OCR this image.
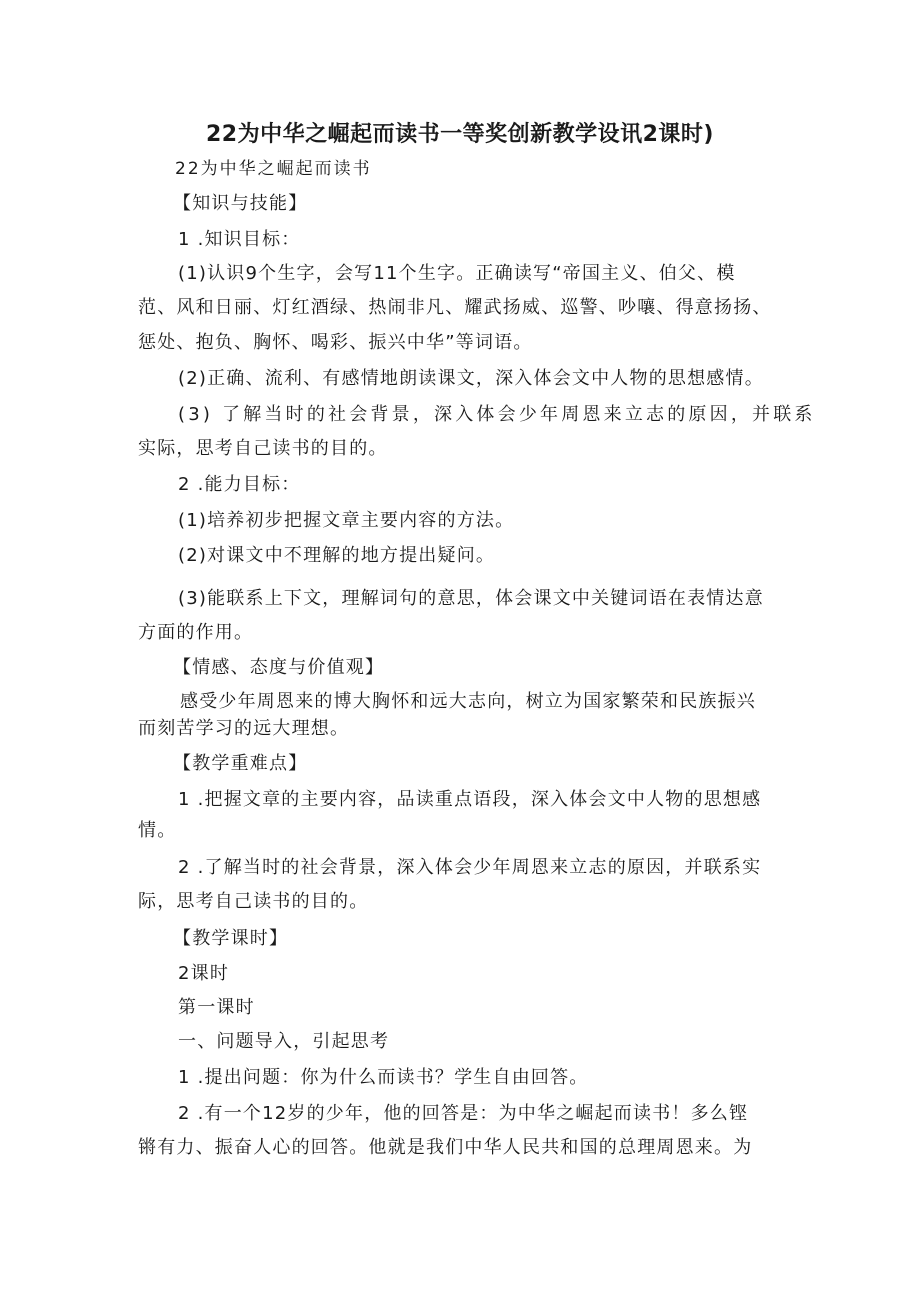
22为中华之崛起而读书一等奖创新教学设讯2课时)
22为中华之崛起而读书
【知识与技能】
1 .知识目标：
(1)认识9个生字，会写11个生字。正确读写“帝国主义、伯父、模
范、风和日丽、灯红酒绿、热闹非凡、耀武扬威、巡警、吵嚷、得意扬扬、
惩处、抱负、胸怀、喝彩、振兴中华”等词语。
(2)正确、流利、有感情地朗读课文，深入体会文中人物的思想感情。
(3) 了解当时的社会背景，深入体会少年周恩来立志的原因，并联系
实际，思考自己读书的目的。
2 .能力目标：
(1)培养初步把握文章主要内容的方法。
(2)对课文中不理解的地方提出疑问。
(3)能联系上下文，理解词句的意思，体会课文中关键词语在表情达意
方面的作用。
【情感、态度与价值观】
感受少年周恩来的博大胸怀和远大志向，树立为国家繁荣和民族振兴
而刻苦学习的远大理想。
【教学重难点】
1 .把握文章的主要内容，品读重点语段，深入体会文中人物的思想感
情。
2 .了解当时的社会背景，深入体会少年周恩来立志的原因，并联系实
际，思考自己读书的目的。
【教学课时】
2课时
第一课时
一、问题导入，引起思考
1 .提出问题：你为什么而读书？学生自由回答。
2 .有一个12岁的少年，他的回答是：为中华之崛起而读书！多么铿
锵有力、振奋人心的回答。他就是我们中华人民共和国的总理周恩来。为
